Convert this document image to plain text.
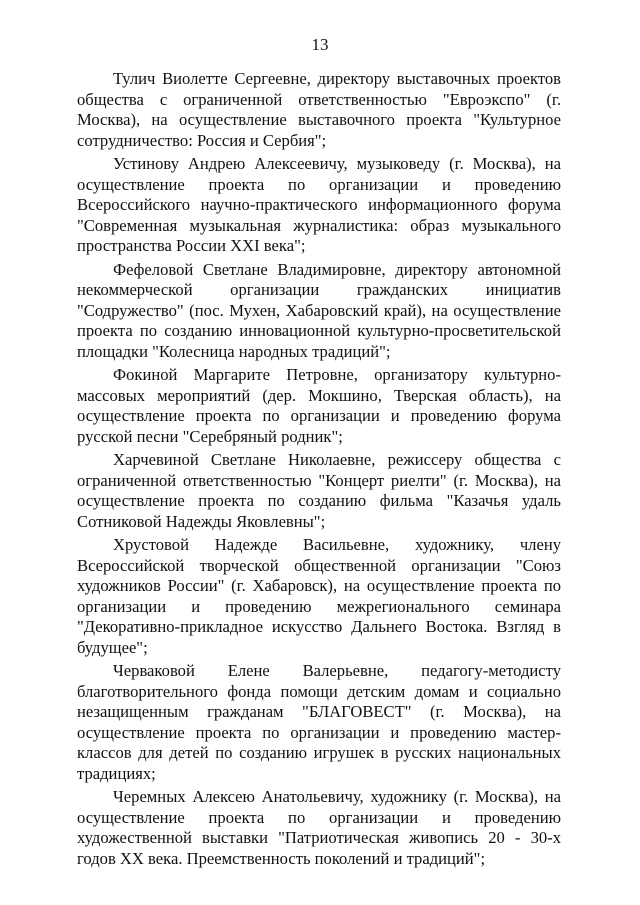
13

Тулич Виолетте Сергеевне, директору выставочных проектов общества с ограниченной ответственностью "Евроэкспо" (г. Москва), на осуществление выставочного проекта "Культурное сотрудничество: Россия и Сербия";

Устинову Андрею Алексеевичу, музыковеду (г. Москва), на осуществление проекта по организации и проведению Всероссийского научно-практического информационного форума "Современная музыкальная журналистика: образ музыкального пространства России XXI века";

Фефеловой Светлане Владимировне, директору автономной некоммерческой организации гражданских инициатив "Содружество" (пос. Мухен, Хабаровский край), на осуществление проекта по созданию инновационной культурно-просветительской площадки "Колесница народных традиций";

Фокиной Маргарите Петровне, организатору культурно-массовых мероприятий (дер. Мокшино, Тверская область), на осуществление проекта по организации и проведению форума русской песни "Серебряный родник";

Харчевиной Светлане Николаевне, режиссеру общества с ограниченной ответственностью "Концерт риелти" (г. Москва), на осуществление проекта по созданию фильма "Казачья удаль Сотниковой Надежды Яковлевны";

Хрустовой Надежде Васильевне, художнику, члену Всероссийской творческой общественной организации "Союз художников России" (г. Хабаровск), на осуществление проекта по организации и проведению межрегионального семинара "Декоративно-прикладное искусство Дальнего Востока. Взгляд в будущее";

Черваковой Елене Валерьевне, педагогу-методисту благотворительного фонда помощи детским домам и социально незащищенным гражданам "БЛАГОВЕСТ" (г. Москва), на осуществление проекта по организации и проведению мастер-классов для детей по созданию игрушек в русских национальных традициях;

Черемных Алексею Анатольевичу, художнику (г. Москва), на осуществление проекта по организации и проведению художественной выставки "Патриотическая живопись 20 - 30-х годов XX века. Преемственность поколений и традиций";
